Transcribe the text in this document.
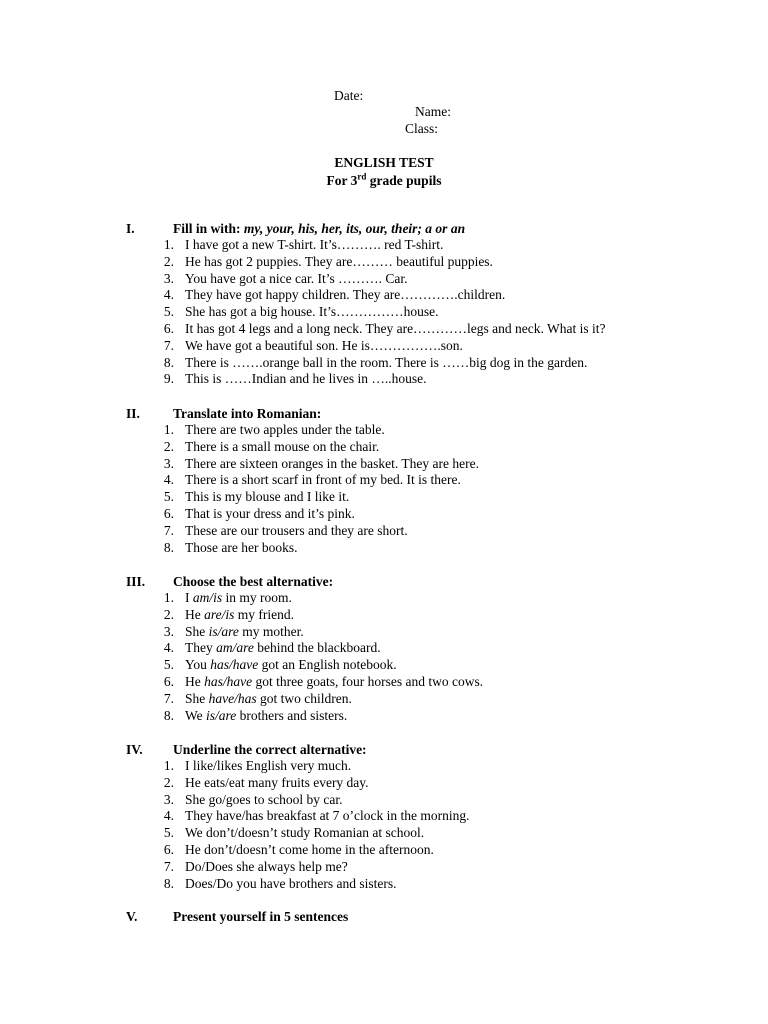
Date:
Name:
Class:
ENGLISH TEST
For 3rd grade pupils
I.	Fill in with: my, your, his, her, its, our, their; a or an
1. I have got a new T-shirt. It’s………. red T-shirt.
2. He has got 2 puppies. They are……… beautiful puppies.
3. You have got a nice car. It’s ………. Car.
4. They have got happy children. They are………….children.
5. She has got a big house. It’s……………house.
6. It has got 4 legs and a long neck. They are…………legs and neck. What is it?
7. We have got a beautiful son. He is…………….son.
8. There is …….orange ball in the room. There is ……big dog in the garden.
9. This is ……Indian and he lives in …..house.
II. Translate into Romanian:
1. There are two apples under the table.
2. There is a small mouse on the chair.
3. There are sixteen oranges in the basket. They are here.
4. There is a short scarf in front of my bed. It is there.
5. This is my blouse and I like it.
6. That is your dress and it’s pink.
7. These are our trousers and they are short.
8. Those are her books.
III. Choose the best alternative:
1. I am/is in my room.
2. He are/is my friend.
3. She is/are my mother.
4. They am/are behind the blackboard.
5. You has/have got an English notebook.
6. He has/have got three goats, four horses and two cows.
7. She have/has got two children.
8. We is/are brothers and sisters.
IV. Underline the correct alternative:
1. I like/likes English very much.
2. He eats/eat many fruits every day.
3. She go/goes to school by car.
4. They have/has breakfast at 7 o’clock in the morning.
5. We don’t/doesn’t study Romanian at school.
6. He don’t/doesn’t come home in the afternoon.
7. Do/Does she always help me?
8. Does/Do you have brothers and sisters.
V.	Present yourself in 5 sentences
